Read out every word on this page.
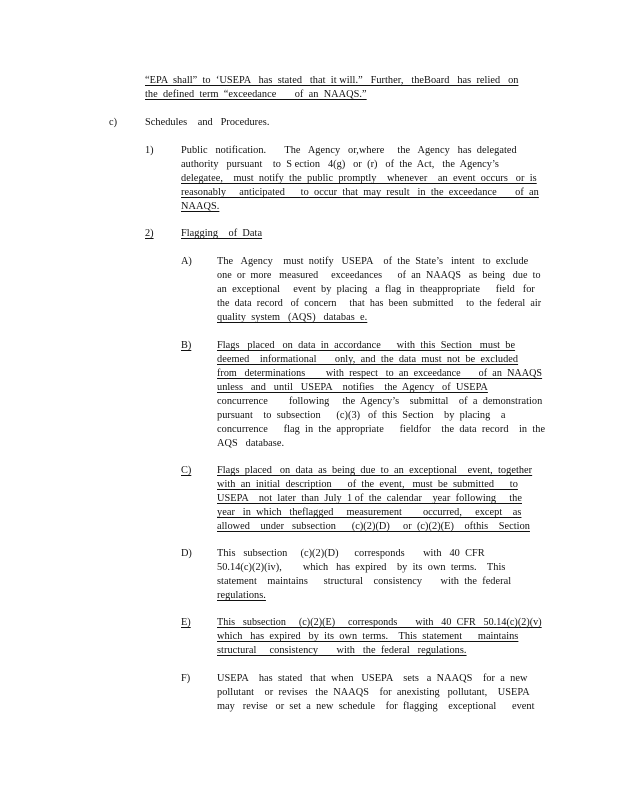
“EPA  shall”  to  ‘USEPA   has  stated   that  it will.”   Further,   theBoard   has  relied   on
the  defined  term  “exceedance       of  an  NAAQS.”
c)	Schedules    and   Procedures.
1)	Public   notification.       The   Agency   or,where     the   Agency   has  delegated
authority   pursuant    to  S ection   4(g)   or  (r)   of  the  Act,   the  Agency’s
delegatee,    must  notify  the  public  promptly    whenever    an  event  occurs   or  is
reasonably     anticipated      to  occur  that  may  result   in  the  exceedance       of  an
NAAQS.
2)	Flagging    of  Data
A) The   Agency    must  notify   USEPA    of  the  State’s   intent   to  exclude
one  or  more   measured     exceedances      of  an  NAAQS   as  being   due  to
an  exceptional     event  by  placing   a  flag  in  theappropriate      field   for
the  data  record   of  concern     that  has  been  submitted     to  the  federal  air
quality  system   (AQS)   databas  e.
B) Flags   placed   on  data  in  accordance      with  this  Section   must  be
deemed    informational       only,  and  the  data  must  not  be  excluded
from   determinations        with  respect   to  an  exceedance       of  an  NAAQS
unless   and   until   USEPA    notifies    the  Agency   of  USEPA
concurrence        following     the  Agency’s    submittal    of  a  demonstration
pursuant    to  subsection      (c)(3)   of  this  Section    by  placing    a
concurrence      flag  in  the  appropriate      fieldfor    the  data  record    in  the
AQS   database.
C) Flags  placed   on  data  as  being  due  to  an  exceptional    event,  together
with  an  initial  description      of  the  event,   must  be  submitted      to
USEPA    not  later  than  July  1 of  the  calendar    year  following     the
year   in  which   theflagged     measurement        occurred,     except    as
allowed    under   subsection      (c)(2)(D)     or  (c)(2)(E)    ofthis    Section
D) This   subsection     (c)(2)(D)      corresponds       with   40  CFR
50.14(c)(2)(iv),        which   has  expired    by  its  own  terms.    This
statement    maintains      structural    consistency       with  the  federal
regulations.
E)	This   subsection     (c)(2)(E)     corresponds       with   40  CFR   50.14(c)(2)(v)
which   has  expired   by  its  own  terms.    This  statement      maintains
structural     consistency       with   the  federal   regulations.
F)	USEPA    has  stated   that  when   USEPA    sets   a  NAAQS    for  a  new
pollutant    or  revises   the  NAAQS    for  anexisting   pollutant,    USEPA
may   revise   or  set  a  new  schedule    for  flagging    exceptional      event
